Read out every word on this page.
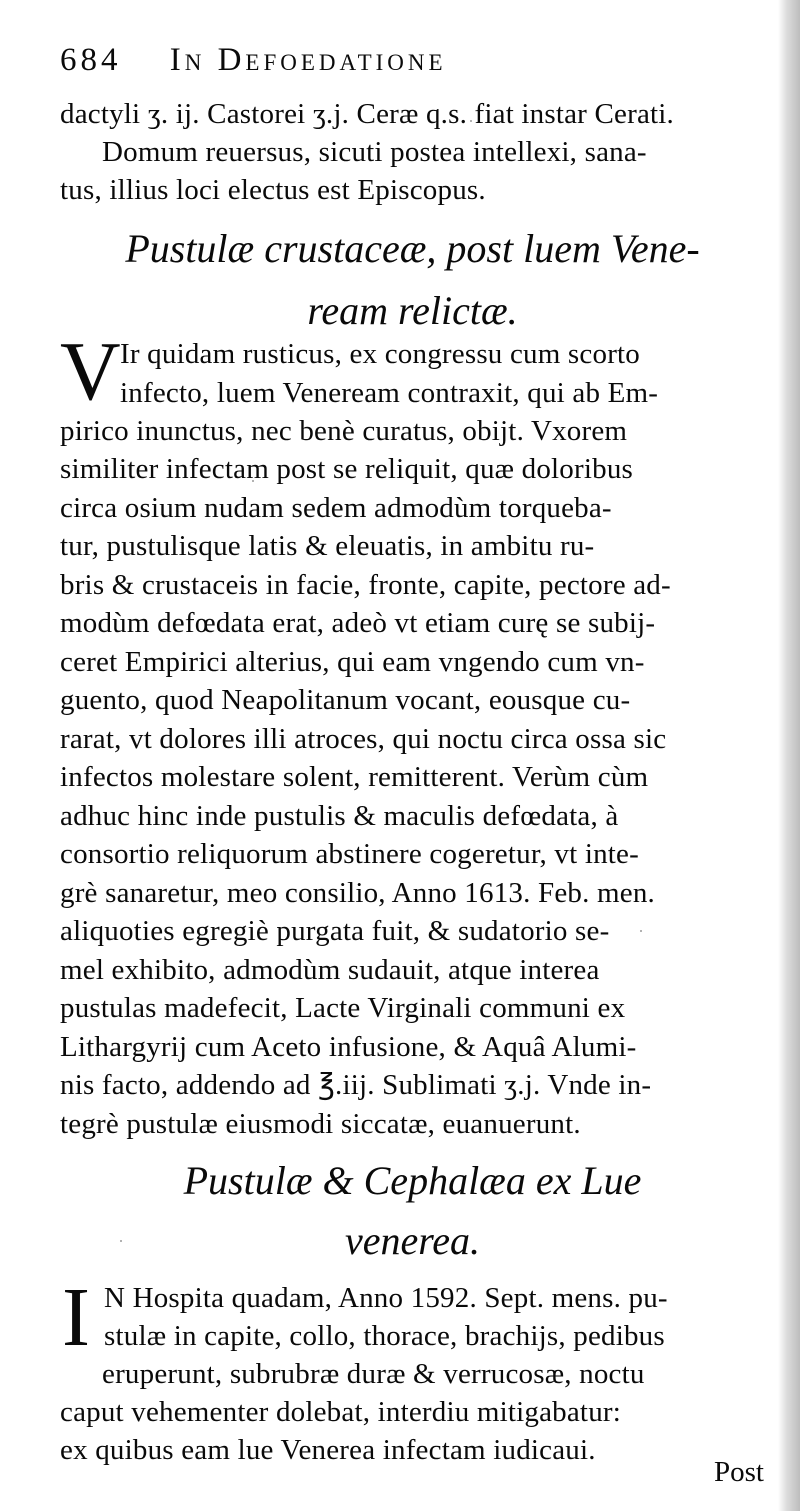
684 In Defoedatione
dactyli ʒ. ij. Castorei ʒ.j. Ceræ q.s. fiat instar Cerati.
Domum reuersus, sicuti postea intellexi, sana-
tus, illius loci electus est Episcopus.
Pustulæ crustaceæ, post luem Vene-
ream relictæ.
V Ir quidam rusticus, ex congressu cum scorto
infecto, luem Veneream contraxit, qui ab Em-
pirico inunctus, nec benè curatus, obijt. Vxorem
similiter infectam post se reliquit, quæ doloribus
circa osium nudam sedem admodùm torqueba-
tur, pustulisque latis & eleuatis, in ambitu ru-
bris & crustaceis in facie, fronte, capite, pectore ad-
modùm defœdata erat, adeò vt etiam curę se subij-
ceret Empirici alterius, qui eam vngendo cum vn-
guento, quod Neapolitanum vocant, eousque cu-
rarat, vt dolores illi atroces, qui noctu circa ossa sic
infectos molestare solent, remitterent. Verùm cùm
adhuc hinc inde pustulis & maculis defœdata, à
consortio reliquorum abstinere cogeretur, vt inte-
grè sanaretur, meo consilio, Anno 1613. Feb. men.
aliquoties egregiè purgata fuit, & sudatorio se-
mel exhibito, admodùm sudauit, atque interea
pustulas madefecit, Lacte Virginali communi ex
Lithargyrij cum Aceto infusione, & Aquâ Alumi-
nis facto, addendo ad ℥.iij. Sublimati ʒ.j. Vnde in-
tegrè pustulæ eiusmodi siccatæ, euanuerunt.
Pustulæ & Cephalæa ex Lue
venerea.
I N Hospita quadam, Anno 1592. Sept. mens. pu-
stulæ in capite, collo, thorace, brachijs, pedibus
eruperunt, subrubræ duræ & verrucosæ, noctu
caput vehementer dolebat, interdiu mitigabatur:
ex quibus eam lue Venerea infectam iudicaui.
Post
